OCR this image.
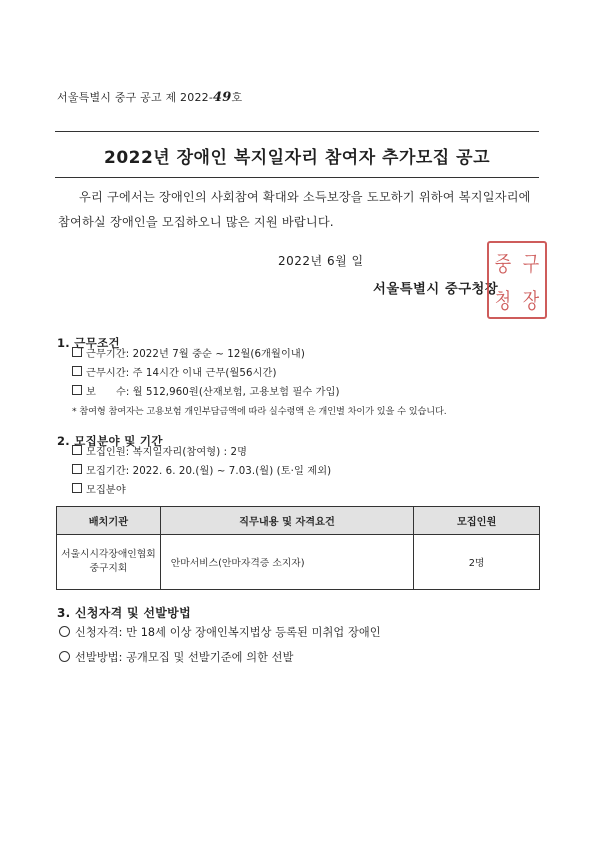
서울특별시 중구 공고 제 2022-49호
2022년 장애인 복지일자리 참여자 추가모집 공고
우리 구에서는 장애인의 사회참여 확대와 소득보장을 도모하기 위하여 복지일자리에 참여하실 장애인을 모집하오니 많은 지원 바랍니다.
2022년 6월 일
서울특별시 중구청장
중 구
청 장
1. 근무조건
근무기간: 2022년 7월 중순 ~ 12월(6개월이내)
근무시간: 주 14시간 이내 근무(월56시간)
보      수: 월 512,960원(산재보험, 고용보험 필수 가입)
* 참여형 참여자는 고용보험 개인부담금액에 따라 실수령액 은 개인별 차이가 있을 수 있습니다.
2. 모집분야 및 기간
모집인원: 복지일자리(참여형) : 2명
모집기간: 2022. 6. 20.(월) ~ 7.03.(월) (토·일 제외)
모집분야
배치기관	직무내용 및 자격요건	모집인원

서울시시각장애인협회
중구지회	안마서비스(안마자격증 소지자)	2명
3. 신청자격 및 선발방법
신청자격: 만 18세 이상 장애인복지법상 등록된 미취업 장애인
선발방법: 공개모집 및 선발기준에 의한 선발
